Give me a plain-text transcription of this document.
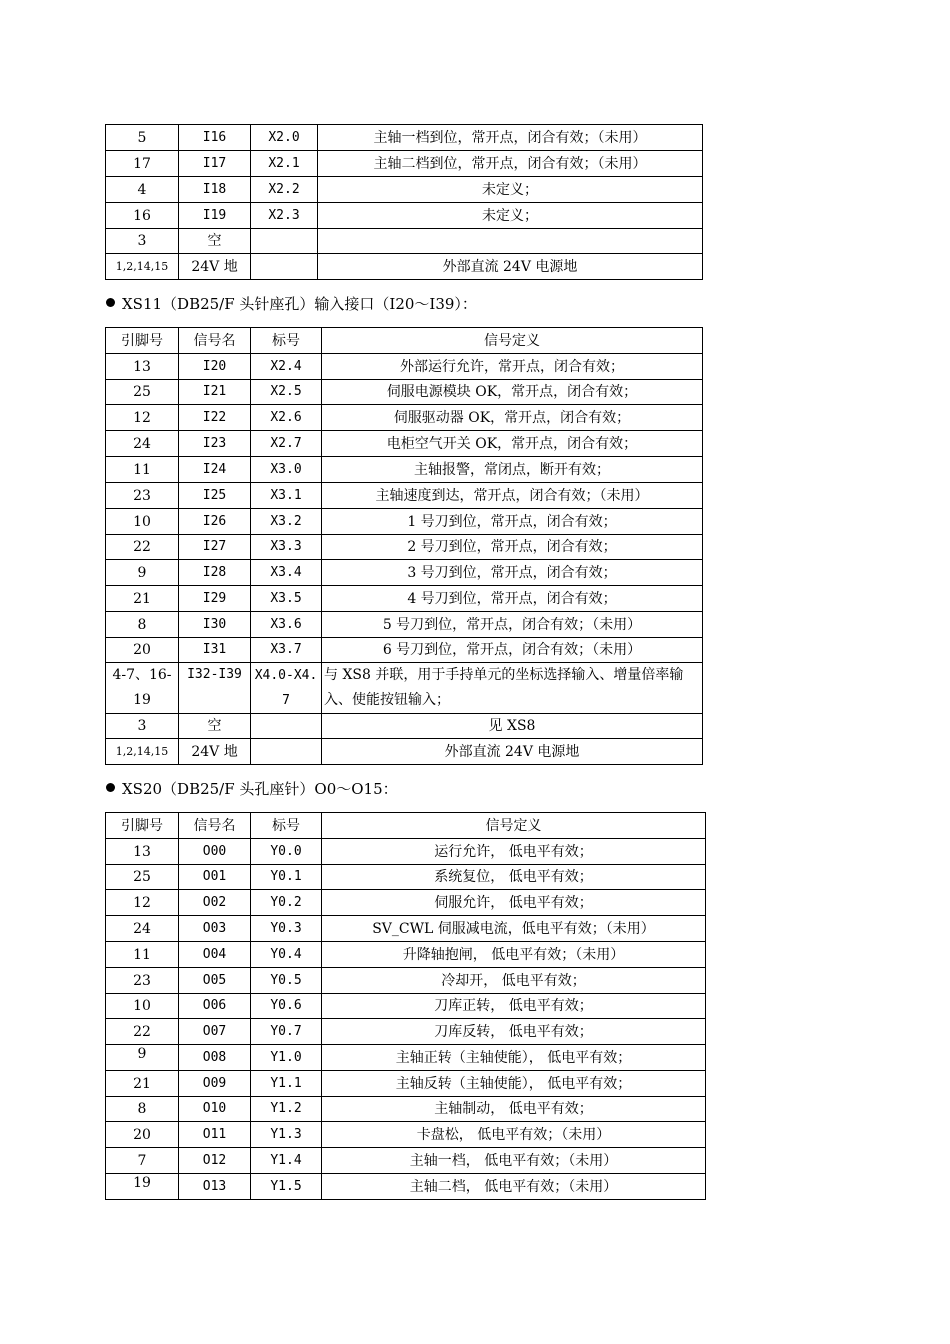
5	I16	X2.0	主轴一档到位，常开点，闭合有效；（未用）
17	I17	X2.1	主轴二档到位，常开点，闭合有效；（未用）
4	I18	X2.2	未定义；
16	I19	X2.3	未定义；
3	空		
1,2,14,15	24V 地		外部直流 24V 电源地
XS11（DB25/F 头针座孔）输入接口（I20～I39）：
引脚号	信号名	标号	信号定义
13	I20	X2.4	外部运行允许，常开点，闭合有效；
25	I21	X2.5	伺服电源模块 OK，常开点，闭合有效；
12	I22	X2.6	伺服驱动器 OK，常开点，闭合有效；
24	I23	X2.7	电柜空气开关 OK，常开点，闭合有效；
11	I24	X3.0	主轴报警，常闭点，断开有效；
23	I25	X3.1	主轴速度到达，常开点，闭合有效；（未用）
10	I26	X3.2	1 号刀到位，常开点，闭合有效；
22	I27	X3.3	2 号刀到位，常开点，闭合有效；
9	I28	X3.4	3 号刀到位，常开点，闭合有效；
21	I29	X3.5	4 号刀到位，常开点，闭合有效；
8	I30	X3.6	5 号刀到位，常开点，闭合有效；（未用）
20	I31	X3.7	6 号刀到位，常开点，闭合有效；（未用）
4-7、16-19	I32-I39	X4.0-X4.7	与 XS8 并联，用于手持单元的坐标选择输入、增量倍率输入、使能按钮输入；
3	空		见 XS8
1,2,14,15	24V 地		外部直流 24V 电源地
XS20（DB25/F 头孔座针）O0～O15：
引脚号	信号名	标号	信号定义
13	O00	Y0.0	运行允许， 低电平有效；
25	O01	Y0.1	系统复位， 低电平有效；
12	O02	Y0.2	伺服允许， 低电平有效；
24	O03	Y0.3	SV_CWL 伺服减电流，低电平有效；（未用）
11	O04	Y0.4	升降轴抱闸， 低电平有效；（未用）
23	O05	Y0.5	冷却开， 低电平有效；
10	O06	Y0.6	刀库正转， 低电平有效；
22	O07	Y0.7	刀库反转， 低电平有效；
9	O08	Y1.0	主轴正转（主轴使能）， 低电平有效；
21	O09	Y1.1	主轴反转（主轴使能）， 低电平有效；
8	O10	Y1.2	主轴制动， 低电平有效；
20	O11	Y1.3	卡盘松， 低电平有效；（未用）
7	O12	Y1.4	主轴一档， 低电平有效；（未用）
19	O13	Y1.5	主轴二档， 低电平有效；（未用）
